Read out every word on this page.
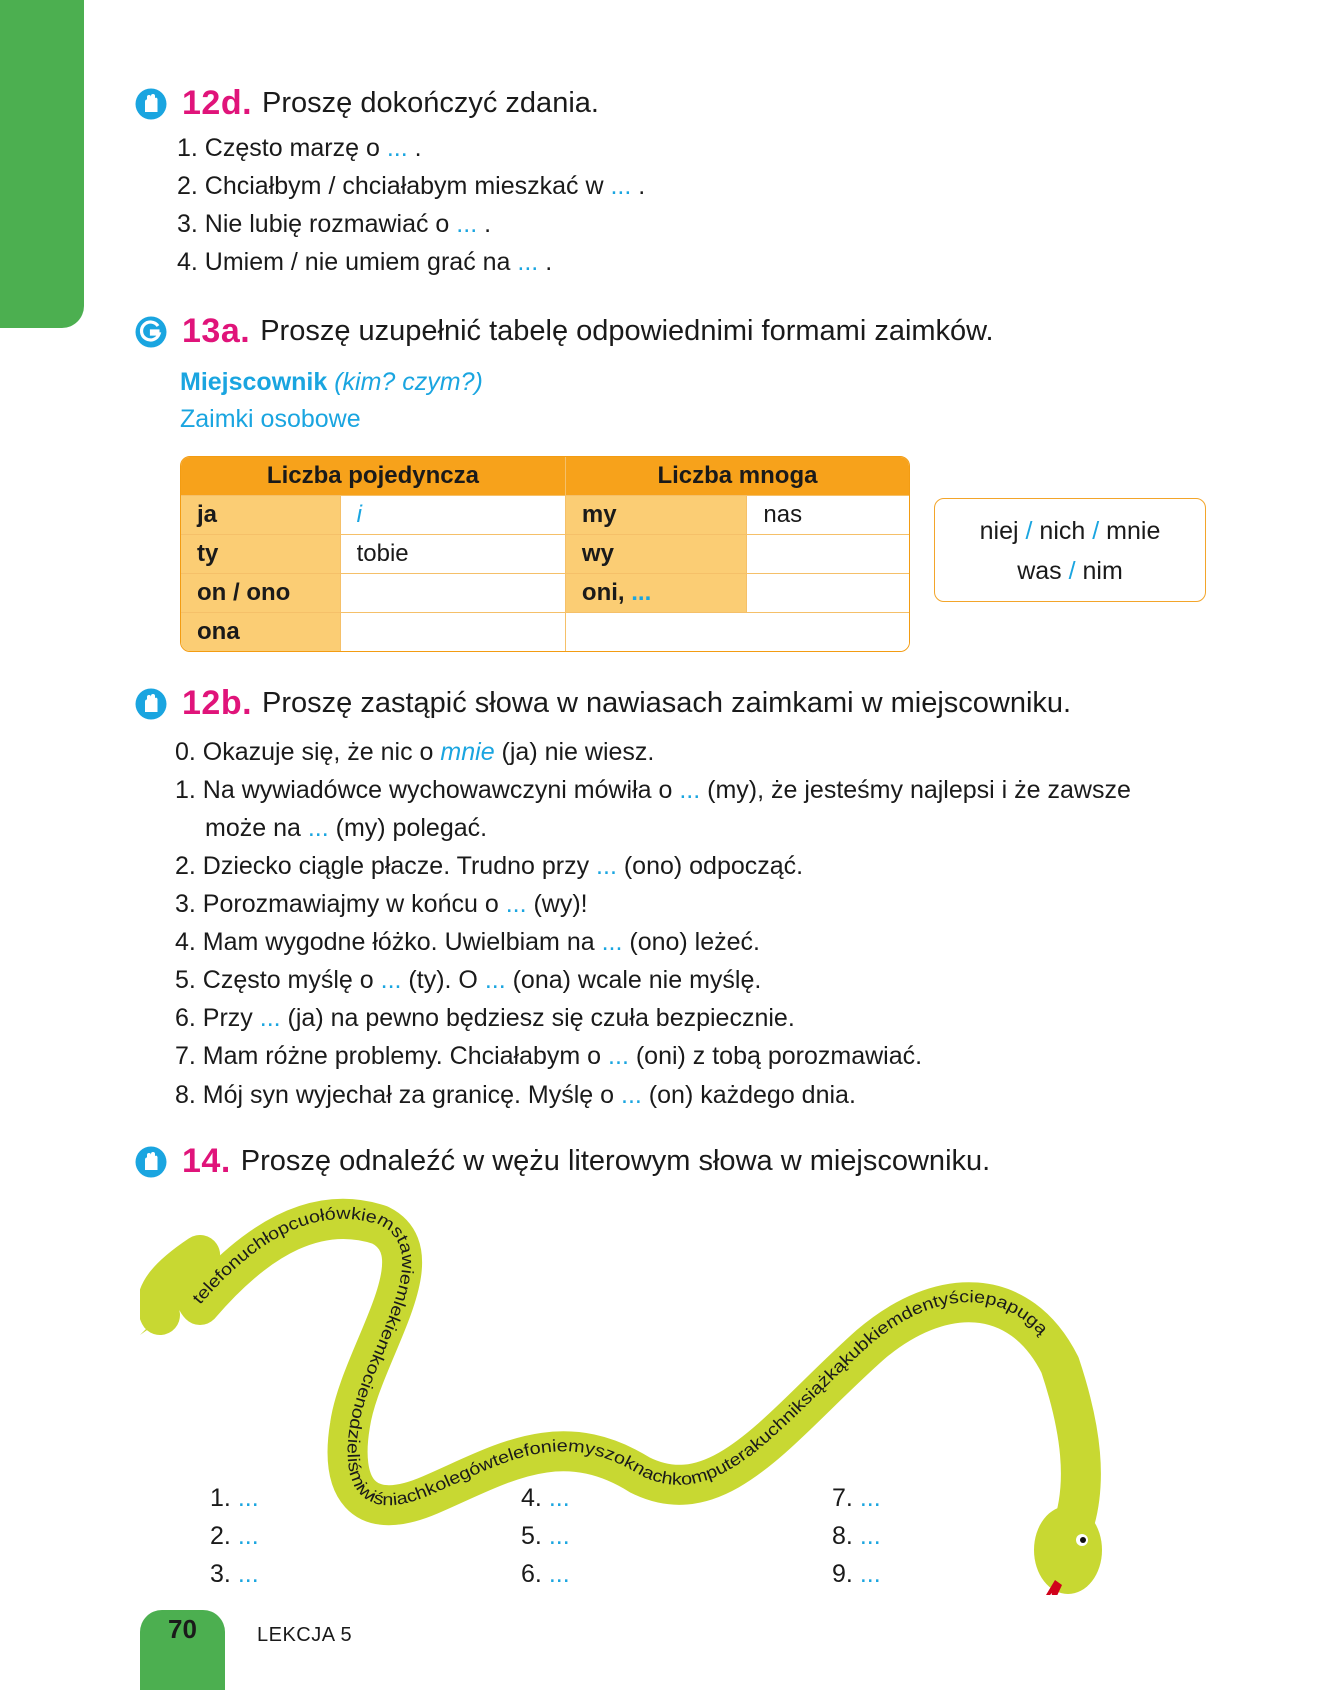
12d. Proszę dokończyć zdania.
1. Często marzę o ... .
2. Chciałbym / chciałabym mieszkać w ... .
3. Nie lubię rozmawiać o ... .
4. Umiem / nie umiem grać na ... .
13a. Proszę uzupełnić tabelę odpowiednimi formami zaimków.
Miejscownik (kim? czym?)
Zaimki osobowe
Liczba pojedyncza		Liczba mnoga	
ja	i	my	nas
ty	tobie	wy	
on / ono		oni, ...	
ona			
niej / nich / mnie
was / nim
12b. Proszę zastąpić słowa w nawiasach zaimkami w miejscowniku.
0. Okazuje się, że nic o mnie (ja) nie wiesz.
1. Na wywiadówce wychowawczyni mówiła o ... (my), że jesteśmy najlepsi i że zawsze
może na ... (my) polegać.
2. Dziecko ciągle płacze. Trudno przy ... (ono) odpocząć.
3. Porozmawiajmy w końcu o ... (wy)!
4. Mam wygodne łóżko. Uwielbiam na ... (ono) leżeć.
5. Często myślę o ... (ty). O ... (ona) wcale nie myślę.
6. Przy ... (ja) na pewno będziesz się czuła bezpiecznie.
7. Mam różne problemy. Chciałabym o ... (oni) z tobą porozmawiać.
8. Mój syn wyjechał za granicę. Myślę o ... (on) każdego dnia.
14. Proszę odnaleźć w wężu literowym słowa w miejscowniku.
telefonuchłopcuołówkiemstawiemlekiemkocienodzieliśmiwiśniachkolegówtelefoniemyszoknachkomputerakuchniksiążkąkubkiemdentyściepapugą
1. ...
2. ...
3. ...
4. ...
5. ...
6. ...
7. ...
8. ...
9. ...
70	LEKCJA 5
